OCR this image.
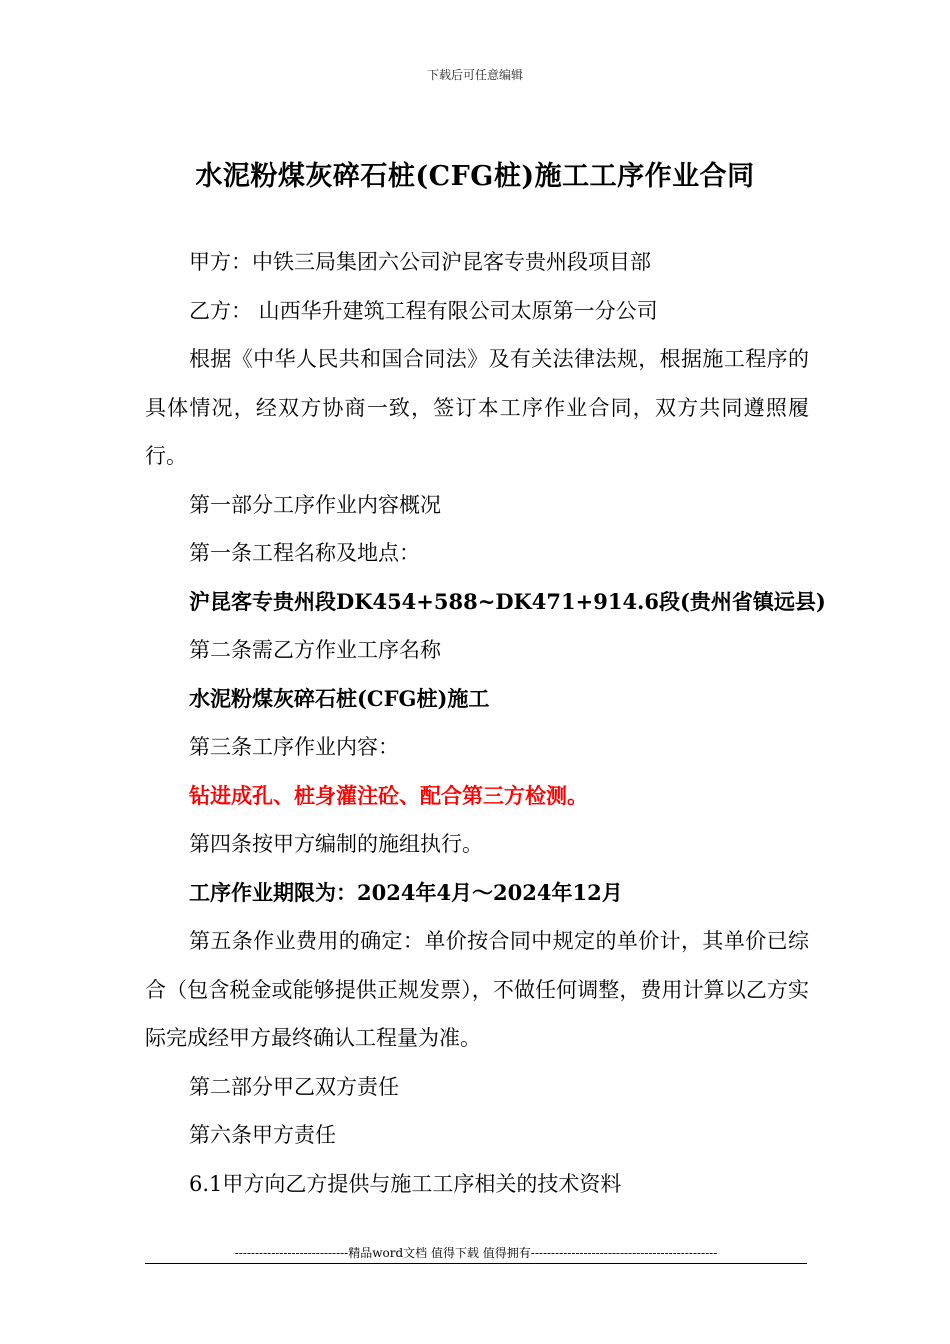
下载后可任意编辑
水泥粉煤灰碎石桩(CFG桩)施工工序作业合同

甲方：中铁三局集团六公司沪昆客专贵州段项目部

乙方： 山西华升建筑工程有限公司太原第一分公司

根据《中华人民共和国合同法》及有关法律法规，根据施工程序的具体情况，经双方协商一致，签订本工序作业合同，双方共同遵照履行。

第一部分工序作业内容概况

第一条工程名称及地点：

沪昆客专贵州段DK454+588~DK471+914.6段(贵州省镇远县)

第二条需乙方作业工序名称

水泥粉煤灰碎石桩(CFG桩)施工

第三条工序作业内容：

钻进成孔、桩身灌注砼、配合第三方检测。

第四条按甲方编制的施组执行。

工序作业期限为：2024年4月～2024年12月

第五条作业费用的确定：单价按合同中规定的单价计，其单价已综合（包含税金或能够提供正规发票），不做任何调整，费用计算以乙方实际完成经甲方最终确认工程量为准。

第二部分甲乙双方责任

第六条甲方责任

6.1甲方向乙方提供与施工工序相关的技术资料

----------------------------精品word文档 值得下载 值得拥有----------------------------------------------
